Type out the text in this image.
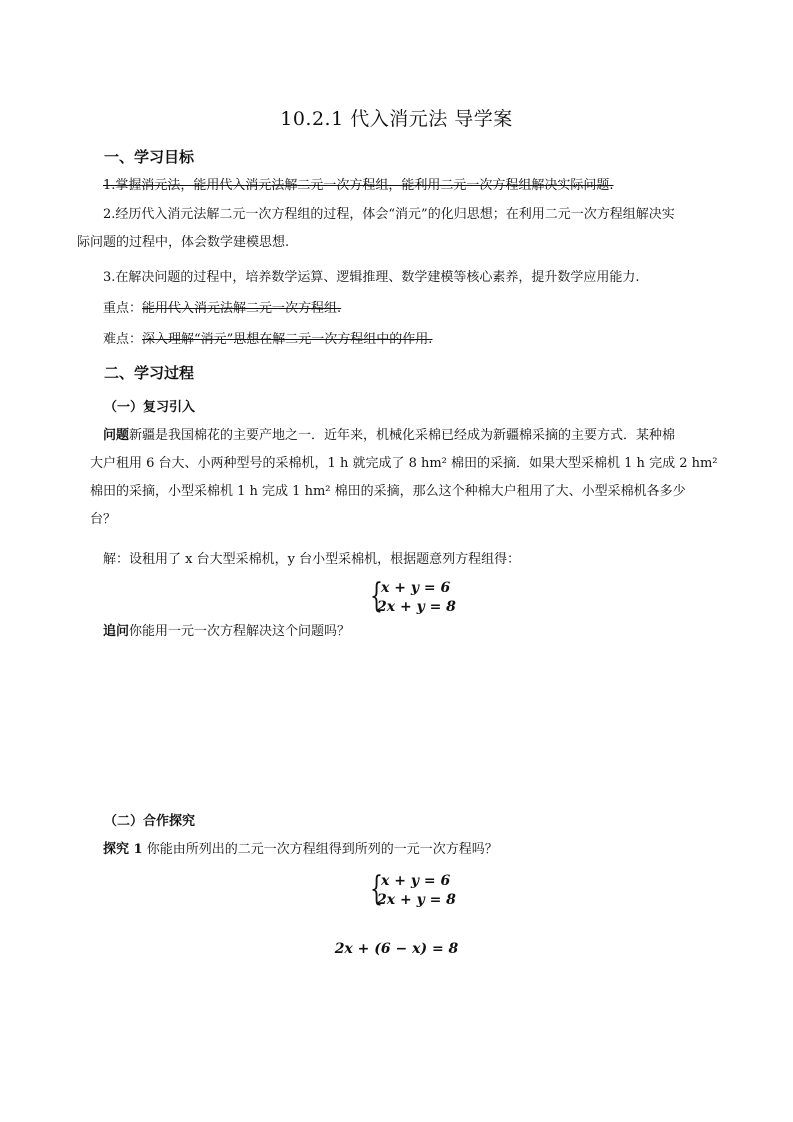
10.2.1 代入消元法 导学案
一、学习目标
1.掌握消元法，能用代入消元法解二元一次方程组，能利用二元一次方程组解决实际问题.
2.经历代入消元法解二元一次方程组的过程，体会“消元”的化归思想；在利用二元一次方程组解决实
际问题的过程中，体会数学建模思想.
3.在解决问题的过程中，培养数学运算、逻辑推理、数学建模等核心素养，提升数学应用能力.
重点：能用代入消元法解二元一次方程组.
难点：深入理解“消元”思想在解二元一次方程组中的作用.
二、学习过程
（一）复习引入
问题新疆是我国棉花的主要产地之一．近年来，机械化采棉已经成为新疆棉采摘的主要方式．某种棉
大户租用 6 台大、小两种型号的采棉机，1 h 就完成了 8 hm² 棉田的采摘．如果大型采棉机 1 h 完成 2 hm²
棉田的采摘，小型采棉机 1 h 完成 1 hm² 棉田的采摘，那么这个种棉大户租用了大、小型采棉机各多少
台？
解：设租用了 x 台大型采棉机，y 台小型采棉机，根据题意列方程组得：
{
x + y = 6
2x + y = 8
追问你能用一元一次方程解决这个问题吗？
（二）合作探究
探究 1 你能由所列出的二元一次方程组得到所列的一元一次方程吗？
{
x + y = 6
2x + y = 8
2x + (6 − x) = 8
